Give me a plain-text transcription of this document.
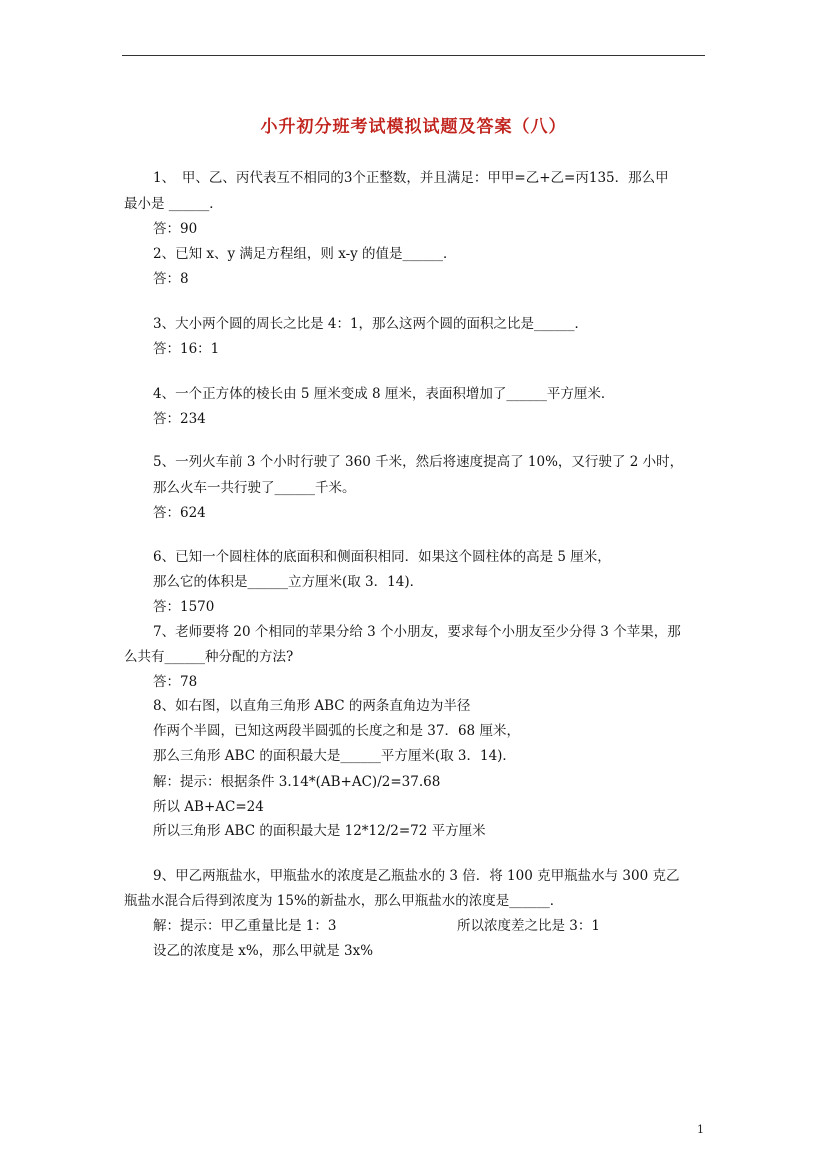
小升初分班考试模拟试题及答案（八）
1、　甲、乙、丙代表互不相同的3个正整数，并且满足：甲甲=乙+乙=丙135．那么甲
最小是 ______．
答：90
2、已知 x、y 满足方程组，则 x-y 的值是______．
答：8
3、大小两个圆的周长之比是 4：1，那么这两个圆的面积之比是______．
答：16：1
4、一个正方体的棱长由 5 厘米变成 8 厘米，表面积增加了______平方厘米．
答：234
5、一列火车前 3 个小时行驶了 360 千米，然后将速度提高了 10%，又行驶了 2 小时，
那么火车一共行驶了______千米。
答：624
6、已知一个圆柱体的底面积和侧面积相同．如果这个圆柱体的高是 5 厘米，
那么它的体积是______立方厘米(取 3．14)．
答：1570
7、老师要将 20 个相同的苹果分给 3 个小朋友，要求每个小朋友至少分得 3 个苹果，那
么共有______种分配的方法?
答：78
8、如右图，以直角三角形 ABC 的两条直角边为半径
作两个半圆，已知这两段半圆弧的长度之和是 37．68 厘米，
那么三角形 ABC 的面积最大是______平方厘米(取 3．14)．
解：提示：根据条件 3.14*(AB+AC)/2=37.68
所以 AB+AC=24
所以三角形 ABC 的面积最大是 12*12/2=72 平方厘米
9、甲乙两瓶盐水，甲瓶盐水的浓度是乙瓶盐水的 3 倍．将 100 克甲瓶盐水与 300 克乙
瓶盐水混合后得到浓度为 15%的新盐水，那么甲瓶盐水的浓度是______．
解：提示：甲乙重量比是 1：3	所以浓度差之比是 3：1
设乙的浓度是 x%，那么甲就是 3x%
1
